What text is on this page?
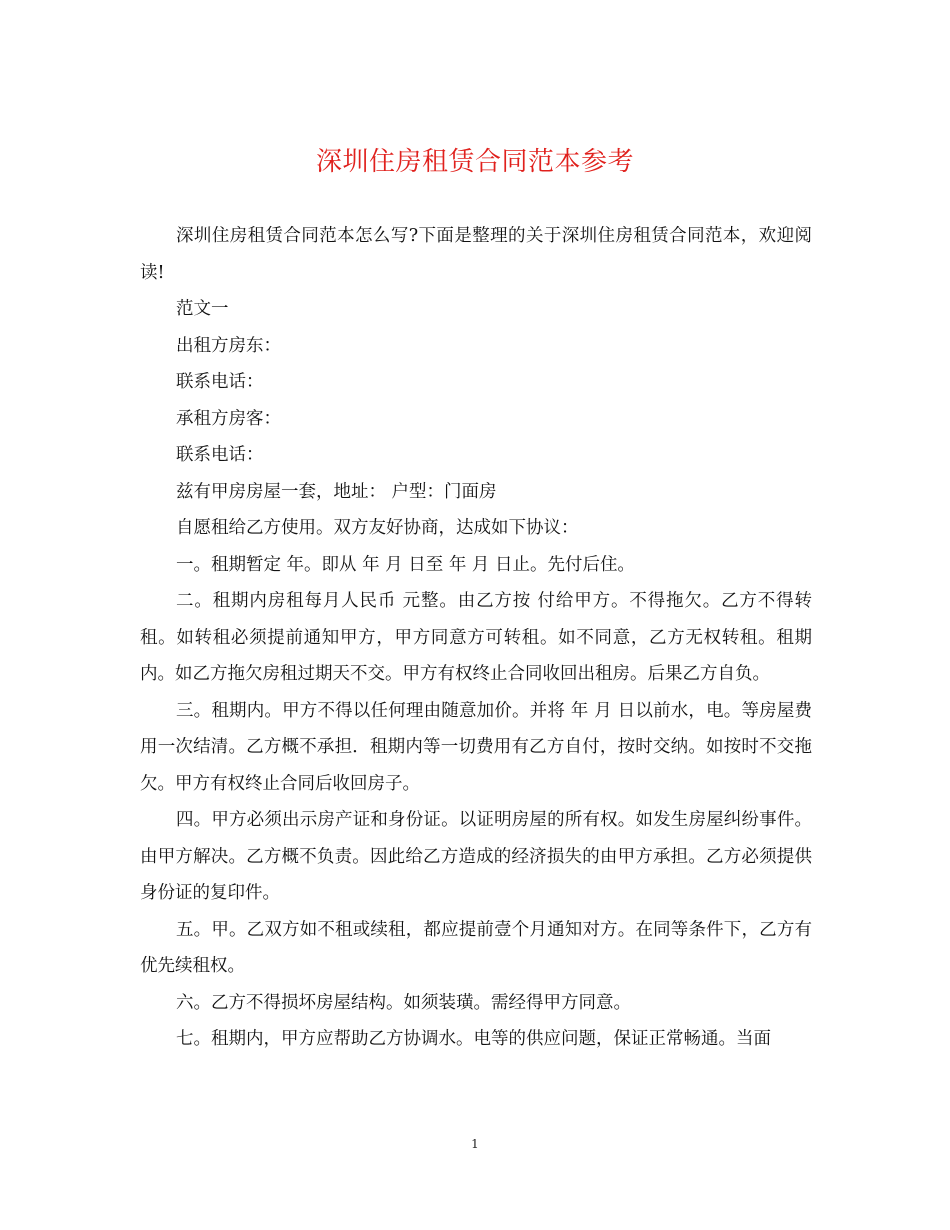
深圳住房租赁合同范本参考

深圳住房租赁合同范本怎么写?下面是整理的关于深圳住房租赁合同范本，欢迎阅读!

范文一

出租方房东：

联系电话：

承租方房客：

联系电话：

兹有甲房房屋一套，地址： 户型：门面房

自愿租给乙方使用。双方友好协商，达成如下协议：

一。租期暂定 年。即从 年 月 日至 年 月 日止。先付后住。

二。租期内房租每月人民币 元整。由乙方按 付给甲方。不得拖欠。乙方不得转租。如转租必须提前通知甲方，甲方同意方可转租。如不同意，乙方无权转租。租期内。如乙方拖欠房租过期天不交。甲方有权终止合同收回出租房。后果乙方自负。

三。租期内。甲方不得以任何理由随意加价。并将 年 月 日以前水，电。等房屋费用一次结清。乙方概不承担．租期内等一切费用有乙方自付，按时交纳。如按时不交拖欠。甲方有权终止合同后收回房子。

四。甲方必须出示房产证和身份证。以证明房屋的所有权。如发生房屋纠纷事件。由甲方解决。乙方概不负责。因此给乙方造成的经济损失的由甲方承担。乙方必须提供身份证的复印件。

五。甲。乙双方如不租或续租，都应提前壹个月通知对方。在同等条件下，乙方有优先续租权。

六。乙方不得损坏房屋结构。如须装璜。需经得甲方同意。

七。租期内，甲方应帮助乙方协调水。电等的供应问题，保证正常畅通。当面

1
